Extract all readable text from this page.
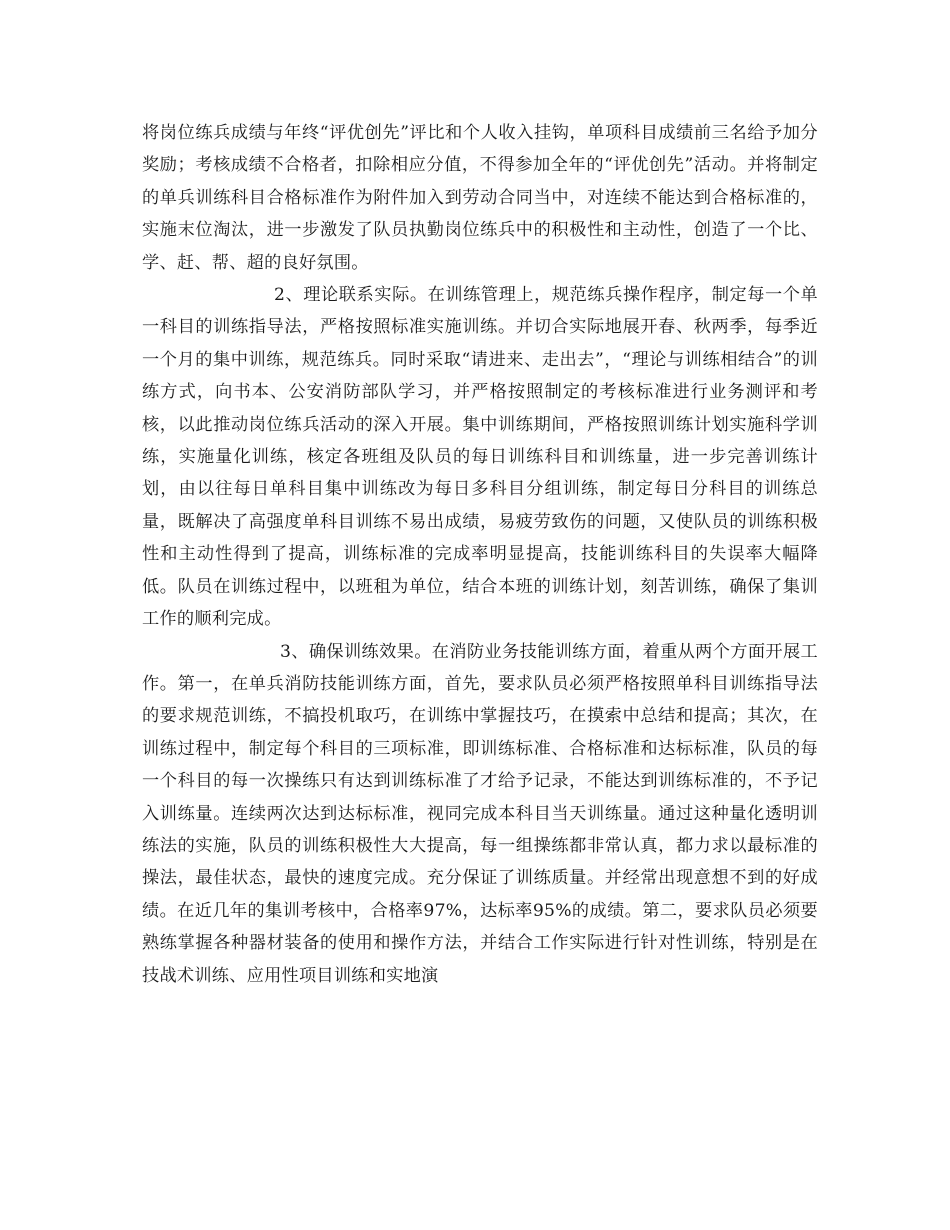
将岗位练兵成绩与年终“评优创先”评比和个人收入挂钩，单项科目成绩前三名给予加分奖励；考核成绩不合格者，扣除相应分值，不得参加全年的“评优创先”活动。并将制定的单兵训练科目合格标准作为附件加入到劳动合同当中，对连续不能达到合格标准的，实施末位淘汰，进一步激发了队员执勤岗位练兵中的积极性和主动性，创造了一个比、学、赶、帮、超的良好氛围。

2、理论联系实际。在训练管理上，规范练兵操作程序，制定每一个单一科目的训练指导法，严格按照标准实施训练。并切合实际地展开春、秋两季，每季近一个月的集中训练，规范练兵。同时采取“请进来、走出去”，“理论与训练相结合”的训练方式，向书本、公安消防部队学习，并严格按照制定的考核标准进行业务测评和考核，以此推动岗位练兵活动的深入开展。集中训练期间，严格按照训练计划实施科学训练，实施量化训练，核定各班组及队员的每日训练科目和训练量，进一步完善训练计划，由以往每日单科目集中训练改为每日多科目分组训练，制定每日分科目的训练总量，既解决了高强度单科目训练不易出成绩，易疲劳致伤的问题，又使队员的训练积极性和主动性得到了提高，训练标准的完成率明显提高，技能训练科目的失误率大幅降低。队员在训练过程中，以班租为单位，结合本班的训练计划，刻苦训练，确保了集训工作的顺利完成。

3、确保训练效果。在消防业务技能训练方面，着重从两个方面开展工作。第一，在单兵消防技能训练方面，首先，要求队员必须严格按照单科目训练指导法的要求规范训练，不搞投机取巧，在训练中掌握技巧，在摸索中总结和提高；其次，在训练过程中，制定每个科目的三项标准，即训练标准、合格标准和达标标准，队员的每一个科目的每一次操练只有达到训练标准了才给予记录，不能达到训练标准的，不予记入训练量。连续两次达到达标标准，视同完成本科目当天训练量。通过这种量化透明训练法的实施，队员的训练积极性大大提高，每一组操练都非常认真，都力求以最标准的操法，最佳状态，最快的速度完成。充分保证了训练质量。并经常出现意想不到的好成绩。在近几年的集训考核中，合格率97%，达标率95%的成绩。第二，要求队员必须要熟练掌握各种器材装备的使用和操作方法，并结合工作实际进行针对性训练，特别是在技战术训练、应用性项目训练和实地演
